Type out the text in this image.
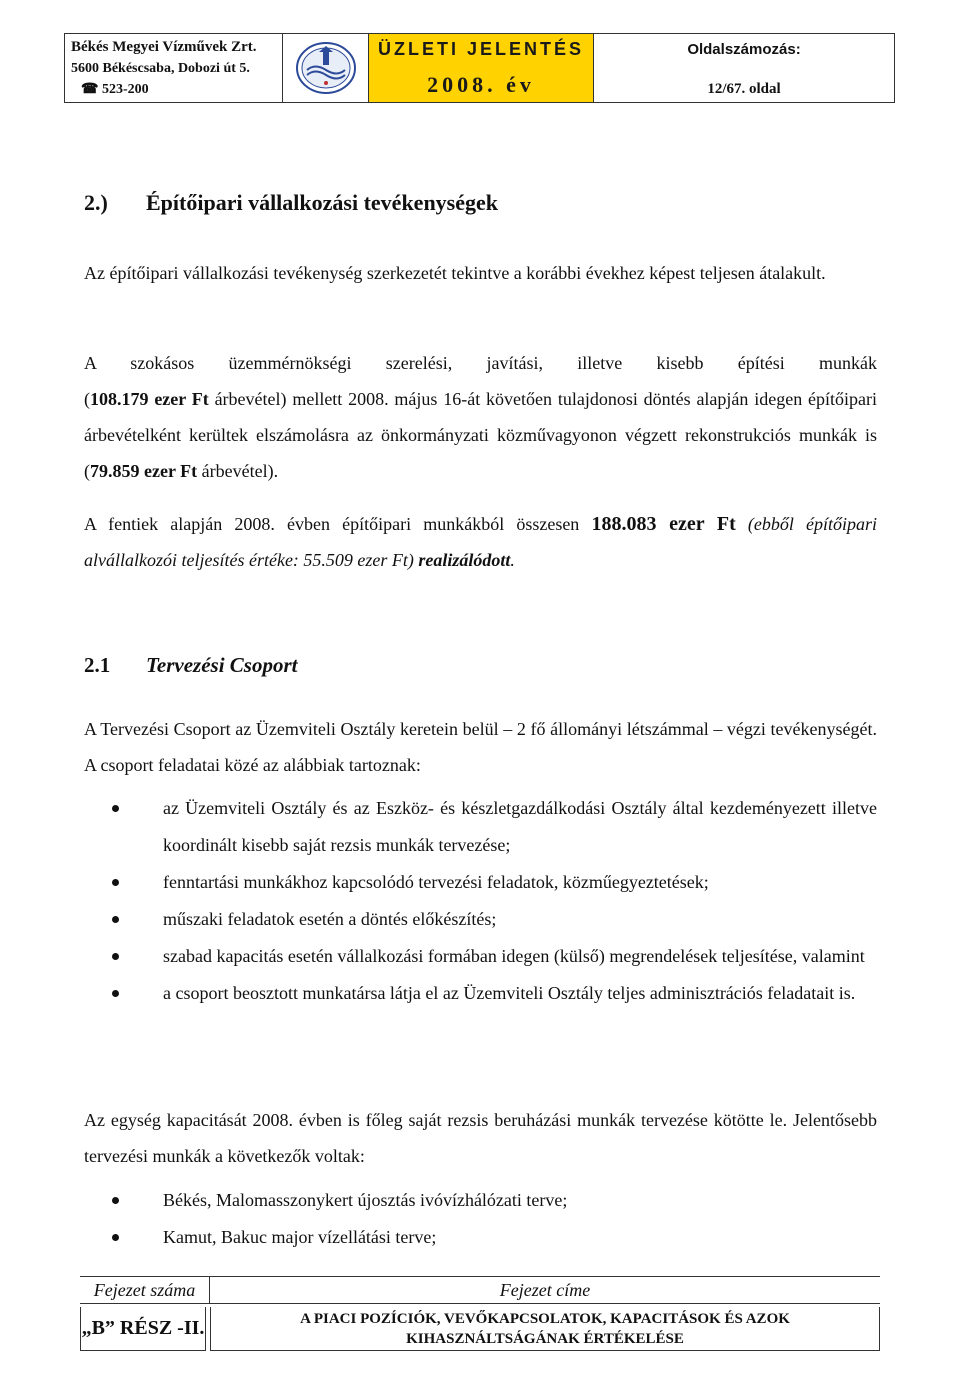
Békés Megyei Vízművek Zrt.
5600 Békéscsaba, Dobozi út 5.
☎ 523-200
ÜZLETI JELENTÉS
2008. év
Oldalszámozás:
12/67. oldal
2.) Építőipari vállalkozási tevékenységek

Az építőipari vállalkozási tevékenység szerkezetét tekintve a korábbi évekhez képest teljesen átalakult.

A szokásos üzemmérnökségi szerelési, javítási, illetve kisebb építési munkák

(108.179 ezer Ft árbevétel) mellett 2008. május 16-át követően tulajdonosi döntés alapján idegen építőipari árbevételként kerültek elszámolásra az önkormányzati közművagyonon végzett rekonstrukciós munkák is (79.859 ezer Ft árbevétel).

A fentiek alapján 2008. évben építőipari munkákból összesen 188.083 ezer Ft (ebből építőipari alvállalkozói teljesítés értéke: 55.509 ezer Ft) realizálódott.

2.1 Tervezési Csoport

A Tervezési Csoport az Üzemviteli Osztály keretein belül – 2 fő állományi létszámmal – végzi tevékenységét. A csoport feladatai közé az alábbiak tartoznak:

az Üzemviteli Osztály és az Eszköz- és készletgazdálkodási Osztály által kezdeményezett illetve koordinált kisebb saját rezsis munkák tervezése;
fenntartási munkákhoz kapcsolódó tervezési feladatok, közműegyeztetések;
műszaki feladatok esetén a döntés előkészítés;
szabad kapacitás esetén vállalkozási formában idegen (külső) megrendelések teljesítése, valamint
a csoport beosztott munkatársa látja el az Üzemviteli Osztály teljes adminisztrációs feladatait is.

Az egység kapacitását 2008. évben is főleg saját rezsis beruházási munkák tervezése kötötte le. Jelentősebb tervezési munkák a következők voltak:

Békés, Malomasszonykert újosztás ivóvízhálózati terve;
Kamut, Bakuc major vízellátási terve;
Fejezet száma
„B” RÉSZ -II.
Fejezet címe
A PIACI POZÍCIÓK, VEVŐKAPCSOLATOK, KAPACITÁSOK ÉS AZOK
KIHASZNÁLTSÁGÁNAK ÉRTÉKELÉSE
